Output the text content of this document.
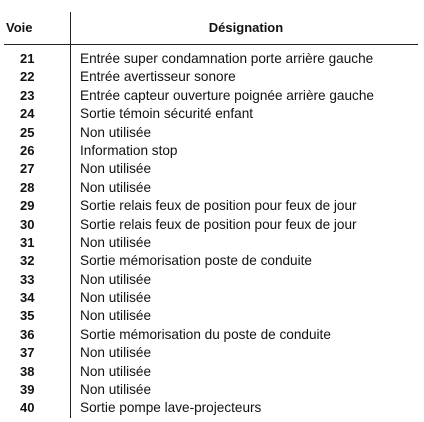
Voie	Désignation
21	Entrée super condamnation porte arrière gauche
22	Entrée avertisseur sonore
23	Entrée capteur ouverture poignée arrière gauche
24	Sortie témoin sécurité enfant
25	Non utilisée
26	Information stop
27	Non utilisée
28	Non utilisée
29	Sortie relais feux de position pour feux de jour
30	Sortie relais feux de position pour feux de jour
31	Non utilisée
32	Sortie mémorisation poste de conduite
33	Non utilisée
34	Non utilisée
35	Non utilisée
36	Sortie mémorisation du poste de conduite
37	Non utilisée
38	Non utilisée
39	Non utilisée
40	Sortie pompe lave-projecteurs
